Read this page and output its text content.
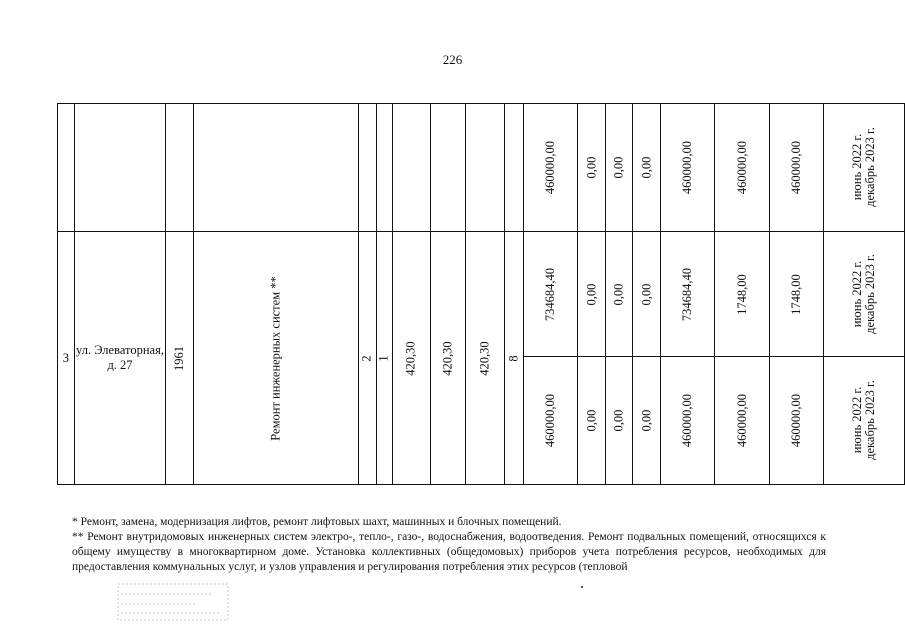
226
										460000,00	0,00	0,00	0,00	460000,00	460000,00	460000,00	июнь 2022 г.
декабрь 2023 г.
3	ул. Элеваторная, д. 27	1961	Ремонт инженерных систем **	2	1	420,30	420,30	420,30	8	734684,40	0,00	0,00	0,00	734684,40	1748,00	1748,00	июнь 2022 г.
декабрь 2023 г.
										460000,00	0,00	0,00	0,00	460000,00	460000,00	460000,00	июнь 2022 г.
декабрь 2023 г.

* Ремонт, замена, модернизация лифтов, ремонт лифтовых шахт, машинных и блочных помещений.

** Ремонт внутридомовых инженерных систем электро-, тепло-, газо-, водоснабжения, водоотведения. Ремонт подвальных помещений, относящихся к общему имуществу в многоквартирном доме. Установка коллективных (общедомовых) приборов учета потребления ресурсов, необходимых для предоставления коммунальных услуг, и узлов управления и регулирования потребления этих ресурсов (тепловой
